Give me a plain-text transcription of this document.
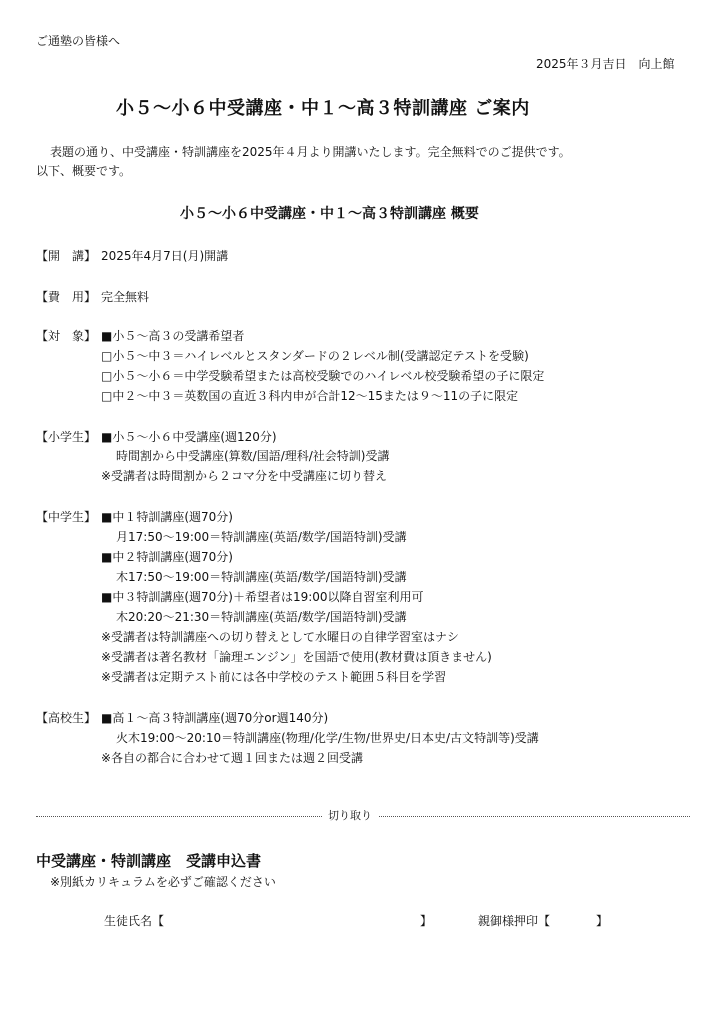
ご通塾の皆様へ
2025年３月吉日　向上館
小５～小６中受講座・中１～高３特訓講座 ご案内
表題の通り、中受講座・特訓講座を2025年４月より開講いたします。完全無料でのご提供です。
以下、概要です。
小５～小６中受講座・中１～高３特訓講座 概要
【開　講】 2025年4月7日(月)開講
【費　用】 完全無料
【対　象】 ■小５～高３の受講希望者
□小５～中３＝ハイレベルとスタンダードの２レベル制(受講認定テストを受験)
□小５～小６＝中学受験希望または高校受験でのハイレベル校受験希望の子に限定
□中２～中３＝英数国の直近３科内申が合計12～15または９～11の子に限定
【小学生】 ■小５～小６中受講座(週120分)
時間割から中受講座(算数/国語/理科/社会特訓)受講
※受講者は時間割から２コマ分を中受講座に切り替え
【中学生】 ■中１特訓講座(週70分)
月17:50～19:00＝特訓講座(英語/数学/国語特訓)受講
■中２特訓講座(週70分)
木17:50～19:00＝特訓講座(英語/数学/国語特訓)受講
■中３特訓講座(週70分)＋希望者は19:00以降自習室利用可
木20:20～21:30＝特訓講座(英語/数学/国語特訓)受講
※受講者は特訓講座への切り替えとして水曜日の自律学習室はナシ
※受講者は著名教材「論理エンジン」を国語で使用(教材費は頂きません)
※受講者は定期テスト前には各中学校のテスト範囲５科目を学習
【高校生】 ■高１～高３特訓講座(週70分or週140分)
火木19:00～20:10＝特訓講座(物理/化学/生物/世界史/日本史/古文特訓等)受講
※各自の都合に合わせて週１回または週２回受講
切り取り
中受講座・特訓講座　受講申込書
※別紙カリキュラムを必ずご確認ください
生徒氏名【	】	親御様押印【	】
